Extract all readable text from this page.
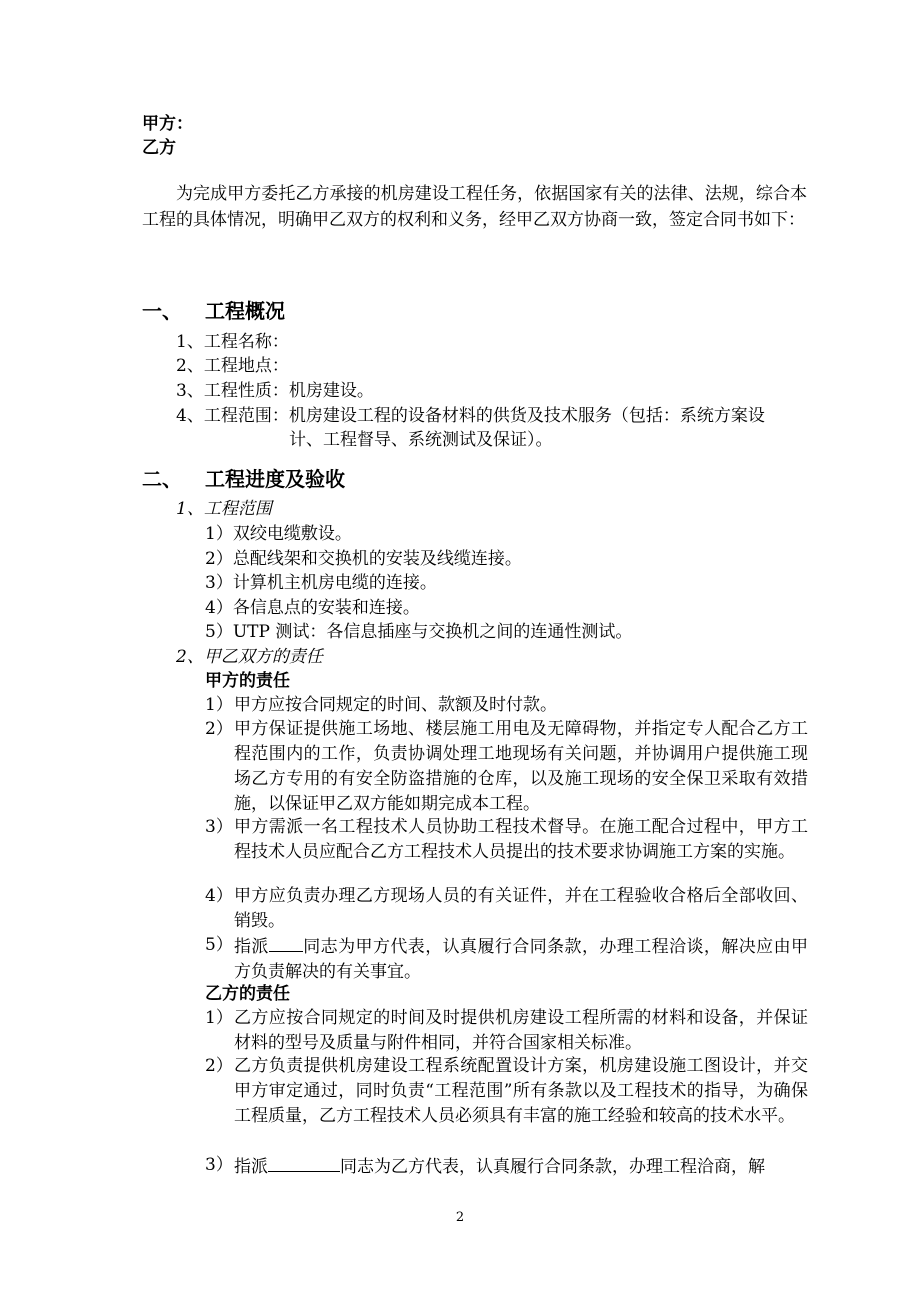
甲方：
乙方
为完成甲方委托乙方承接的机房建设工程任务，依据国家有关的法律、法规，综合本工程的具体情况，明确甲乙双方的权利和义务，经甲乙双方协商一致，签定合同书如下：
一、 工程概况
1、工程名称：
2、工程地点：
3、工程性质：机房建设。
4、工程范围：机房建设工程的设备材料的供货及技术服务（包括：系统方案设
计、工程督导、系统测试及保证）。
二、 工程进度及验收
1、工程范围
1）双绞电缆敷设。
2）总配线架和交换机的安装及线缆连接。
3）计算机主机房电缆的连接。
4）各信息点的安装和连接。
5）UTP 测试：各信息插座与交换机之间的连通性测试。
2、甲乙双方的责任
甲方的责任
1） 甲方应按合同规定的时间、款额及时付款。
2） 甲方保证提供施工场地、楼层施工用电及无障碍物，并指定专人配合乙方工程范围内的工作，负责协调处理工地现场有关问题，并协调用户提供施工现场乙方专用的有安全防盗措施的仓库，以及施工现场的安全保卫采取有效措施，以保证甲乙双方能如期完成本工程。
3） 甲方需派一名工程技术人员协助工程技术督导。在施工配合过程中，甲方工程技术人员应配合乙方工程技术人员提出的技术要求协调施工方案的实施。
4） 甲方应负责办理乙方现场人员的有关证件，并在工程验收合格后全部收回、销毁。
5） 指派 同志为甲方代表，认真履行合同条款，办理工程洽谈，解决应由甲方负责解决的有关事宜。
乙方的责任
1） 乙方应按合同规定的时间及时提供机房建设工程所需的材料和设备，并保证材料的型号及质量与附件相同，并符合国家相关标准。
2） 乙方负责提供机房建设工程系统配置设计方案，机房建设施工图设计，并交甲方审定通过，同时负责“工程范围”所有条款以及工程技术的指导，为确保工程质量，乙方工程技术人员必须具有丰富的施工经验和较高的技术水平。
3） 指派	同志为乙方代表，认真履行合同条款，办理工程洽商，解
2
